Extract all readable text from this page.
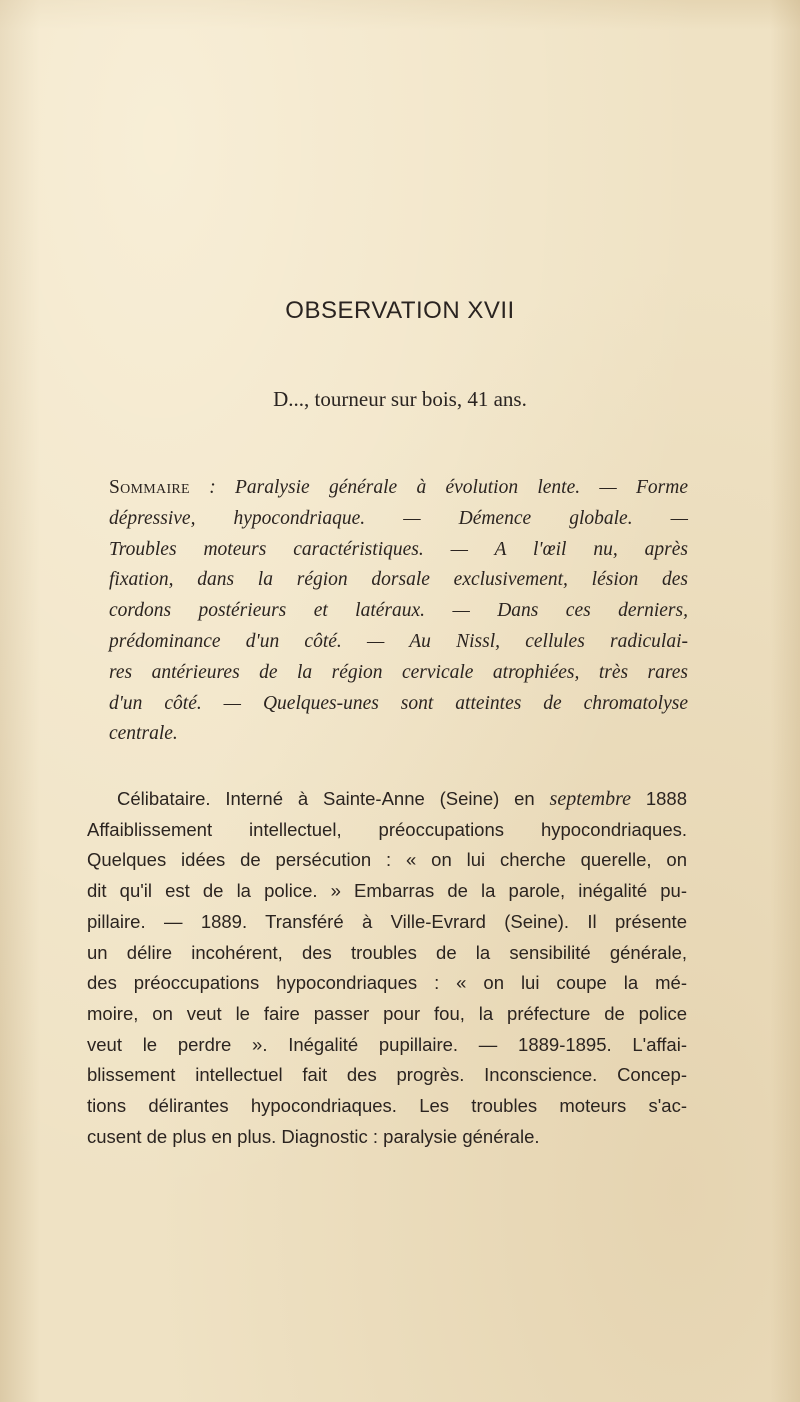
OBSERVATION XVII
D..., tourneur sur bois, 41 ans.
Sommaire : Paralysie générale à évolution lente. — Forme
dépressive, hypocondriaque. — Démence globale. —
Troubles moteurs caractéristiques. — A l'œil nu, après
fixation, dans la région dorsale exclusivement, lésion des
cordons postérieurs et latéraux. — Dans ces derniers,
prédominance d'un côté. — Au Nissl, cellules radiculai-
res antérieures de la région cervicale atrophiées, très rares
d'un côté. — Quelques-unes sont atteintes de chromatolyse
centrale.
Célibataire. Interné à Sainte-Anne (Seine) en septembre 1888
Affaiblissement intellectuel, préoccupations hypocondriaques.
Quelques idées de persécution : « on lui cherche querelle, on
dit qu'il est de la police. » Embarras de la parole, inégalité pu-
pillaire. — 1889. Transféré à Ville-Evrard (Seine). Il présente
un délire incohérent, des troubles de la sensibilité générale,
des préoccupations hypocondriaques : « on lui coupe la mé-
moire, on veut le faire passer pour fou, la préfecture de police
veut le perdre ». Inégalité pupillaire. — 1889-1895. L'affai-
blissement intellectuel fait des progrès. Inconscience. Concep-
tions délirantes hypocondriaques. Les troubles moteurs s'ac-
cusent de plus en plus. Diagnostic : paralysie générale.
